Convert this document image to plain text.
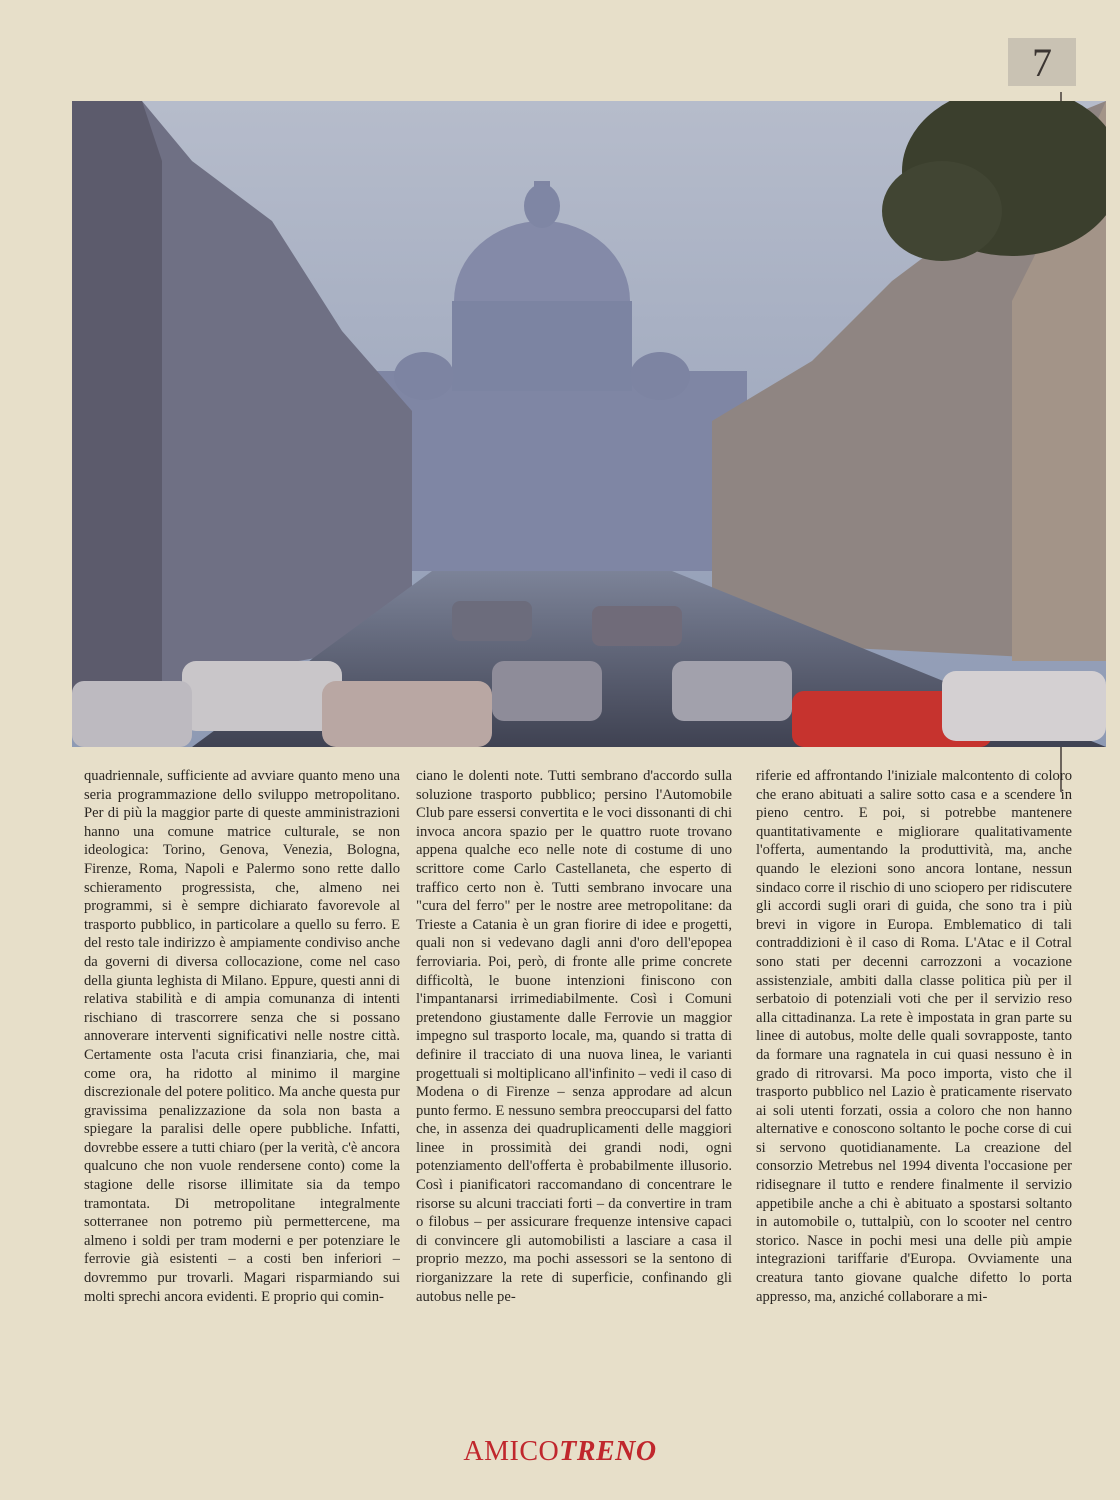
7

quadriennale, sufficiente ad avviare quanto meno una seria programmazione dello sviluppo metropolitano. Per di più la maggior parte di queste amministrazioni hanno una comune matrice culturale, se non ideologica: Torino, Genova, Venezia, Bologna, Firenze, Roma, Napoli e Palermo sono rette dallo schieramento progressista, che, almeno nei programmi, si è sempre dichiarato favorevole al trasporto pubblico, in particolare a quello su ferro. E del resto tale indirizzo è ampiamente condiviso anche da governi di diversa collocazione, come nel caso della giunta leghista di Milano. Eppure, questi anni di relativa stabilità e di ampia comunanza di intenti rischiano di trascorrere senza che si possano annoverare interventi significativi nelle nostre città. Certamente osta l'acuta crisi finanziaria, che, mai come ora, ha ridotto al minimo il margine discrezionale del potere politico. Ma anche questa pur gravissima penalizzazione da sola non basta a spiegare la paralisi delle opere pubbliche. Infatti, dovrebbe essere a tutti chiaro (per la verità, c'è ancora qualcuno che non vuole rendersene conto) come la stagione delle risorse illimitate sia da tempo tramontata. Di metropolitane integralmente sotterranee non potremo più permettercene, ma almeno i soldi per tram moderni e per potenziare le ferrovie già esistenti – a costi ben inferiori – dovremmo pur trovarli. Magari risparmiando sui molti sprechi ancora evidenti. E proprio qui comin-

ciano le dolenti note. Tutti sembrano d'accordo sulla soluzione trasporto pubblico; persino l'Automobile Club pare essersi convertita e le voci dissonanti di chi invoca ancora spazio per le quattro ruote trovano appena qualche eco nelle note di costume di uno scrittore come Carlo Castellaneta, che esperto di traffico certo non è. Tutti sembrano invocare una "cura del ferro" per le nostre aree metropolitane: da Trieste a Catania è un gran fiorire di idee e progetti, quali non si vedevano dagli anni d'oro dell'epopea ferroviaria. Poi, però, di fronte alle prime concrete difficoltà, le buone intenzioni finiscono con l'impantanarsi irrimediabilmente. Così i Comuni pretendono giustamente dalle Ferrovie un maggior impegno sul trasporto locale, ma, quando si tratta di definire il tracciato di una nuova linea, le varianti progettuali si moltiplicano all'infinito – vedi il caso di Modena o di Firenze – senza approdare ad alcun punto fermo. E nessuno sembra preoccuparsi del fatto che, in assenza dei quadruplicamenti delle maggiori linee in prossimità dei grandi nodi, ogni potenziamento dell'offerta è probabilmente illusorio. Così i pianificatori raccomandano di concentrare le risorse su alcuni tracciati forti – da convertire in tram o filobus – per assicurare frequenze intensive capaci di convincere gli automobilisti a lasciare a casa il proprio mezzo, ma pochi assessori se la sentono di riorganizzare la rete di superficie, confinando gli autobus nelle pe-

riferie ed affrontando l'iniziale malcontento di coloro che erano abituati a salire sotto casa e a scendere in pieno centro. E poi, si potrebbe mantenere quantitativamente e migliorare qualitativamente l'offerta, aumentando la produttività, ma, anche quando le elezioni sono ancora lontane, nessun sindaco corre il rischio di uno sciopero per ridiscutere gli accordi sugli orari di guida, che sono tra i più brevi in vigore in Europa. Emblematico di tali contraddizioni è il caso di Roma. L'Atac e il Cotral sono stati per decenni carrozzoni a vocazione assistenziale, ambiti dalla classe politica più per il serbatoio di potenziali voti che per il servizio reso alla cittadinanza. La rete è impostata in gran parte su linee di autobus, molte delle quali sovrapposte, tanto da formare una ragnatela in cui quasi nessuno è in grado di ritrovarsi. Ma poco importa, visto che il trasporto pubblico nel Lazio è praticamente riservato ai soli utenti forzati, ossia a coloro che non hanno alternative e conoscono soltanto le poche corse di cui si servono quotidianamente. La creazione del consorzio Metrebus nel 1994 diventa l'occasione per ridisegnare il tutto e rendere finalmente il servizio appetibile anche a chi è abituato a spostarsi soltanto in automobile o, tuttalpiù, con lo scooter nel centro storico. Nasce in pochi mesi una delle più ampie integrazioni tariffarie d'Europa. Ovviamente una creatura tanto giovane qualche difetto lo porta appresso, ma, anziché collaborare a mi-

AMICOTRENO
